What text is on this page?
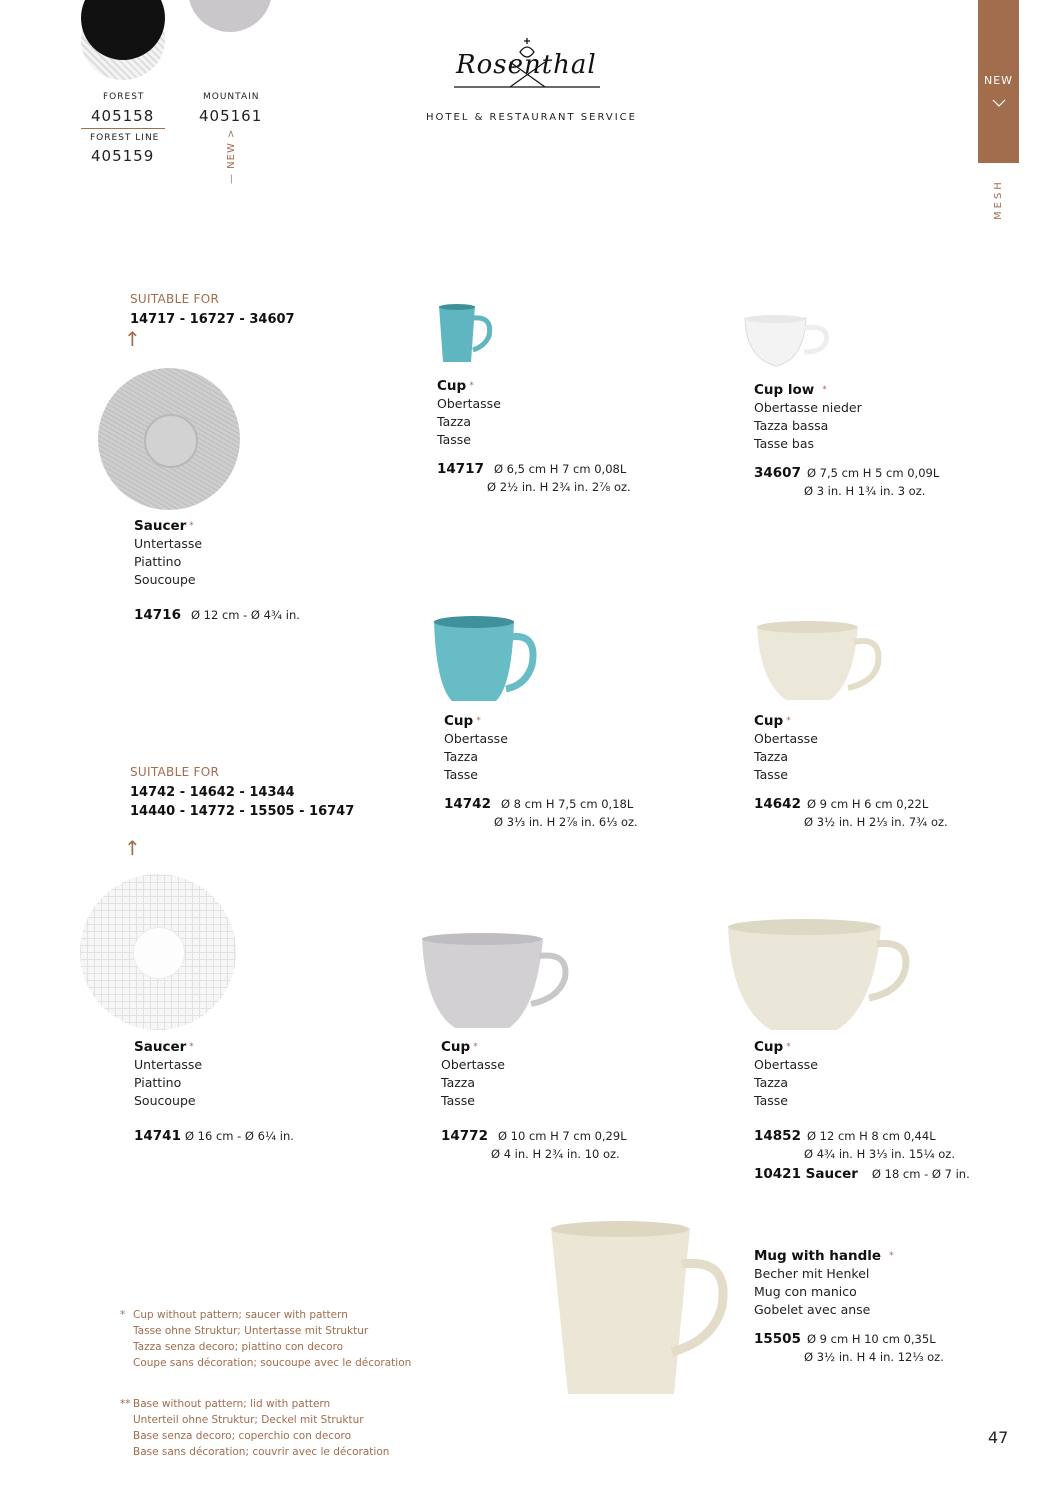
FOREST
405158
FOREST LINE
405159
MOUNTAIN
405161
— NEW >
Rosenthal
HOTEL & RESTAURANT SERVICE
NEW
MESH
SUITABLE FOR
14717 - 16727 - 34607
↑
Saucer *
Untertasse
Piattino
Soucoupe
14716 Ø 12 cm - Ø 4¾ in.
Cup *
Obertasse
Tazza
Tasse
14717 Ø 6,5 cm H 7 cm 0,08L
Ø 2½ in. H 2¾ in. 2⅞ oz.
Cup low *
Obertasse nieder
Tazza bassa
Tasse bas
34607 Ø 7,5 cm H 5 cm 0,09L
Ø 3 in. H 1¾ in. 3 oz.
Cup *
Obertasse
Tazza
Tasse
14742 Ø 8 cm H 7,5 cm 0,18L
Ø 3⅓ in. H 2⅞ in. 6⅓ oz.
Cup *
Obertasse
Tazza
Tasse
14642 Ø 9 cm H 6 cm 0,22L
Ø 3½ in. H 2⅓ in. 7¾ oz.
SUITABLE FOR
14742 - 14642 - 14344
14440 - 14772 - 15505 - 16747
↑
Saucer *
Untertasse
Piattino
Soucoupe
14741 Ø 16 cm - Ø 6¼ in.
Cup *
Obertasse
Tazza
Tasse
14772 Ø 10 cm H 7 cm 0,29L
Ø 4 in. H 2¾ in. 10 oz.
Cup *
Obertasse
Tazza
Tasse
14852 Ø 12 cm H 8 cm 0,44L
Ø 4¾ in. H 3⅓ in. 15¼ oz.
10421 Saucer Ø 18 cm - Ø 7 in.
Mug with handle *
Becher mit Henkel
Mug con manico
Gobelet avec anse
15505 Ø 9 cm H 10 cm 0,35L
Ø 3½ in. H 4 in. 12⅓ oz.
* Cup without pattern; saucer with pattern
Tasse ohne Struktur; Untertasse mit Struktur
Tazza senza decoro; piattino con decoro
Coupe sans décoration; soucoupe avec le décoration
** Base without pattern; lid with pattern
Unterteil ohne Struktur; Deckel mit Struktur
Base senza decoro; coperchio con decoro
Base sans décoration; couvrir avec le décoration
47
